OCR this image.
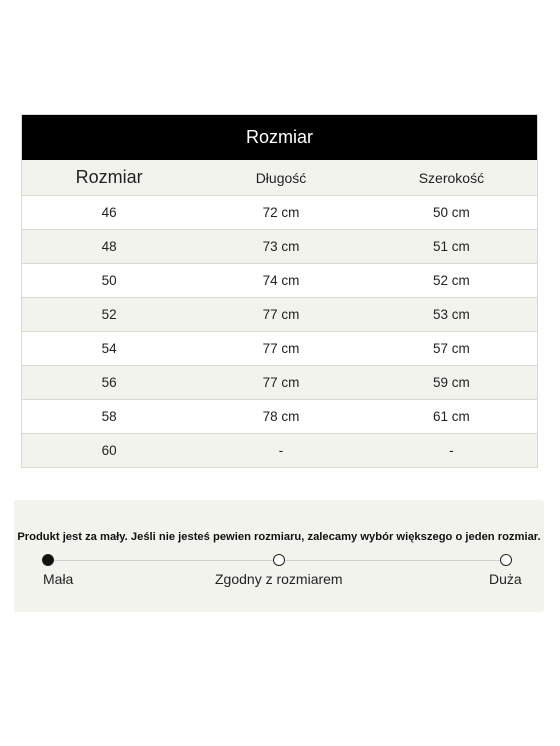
Rozmiar		
Rozmiar	Długość	Szerokość
46	72 cm	50 cm
48	73 cm	51 cm
50	74 cm	52 cm
52	77 cm	53 cm
54	77 cm	57 cm
56	77 cm	59 cm
58	78 cm	61 cm
60	-	-
Produkt jest za mały. Jeśli nie jesteś pewien rozmiaru, zalecamy wybór większego o jeden rozmiar.
Mała	Zgodny z rozmiarem	Duża
